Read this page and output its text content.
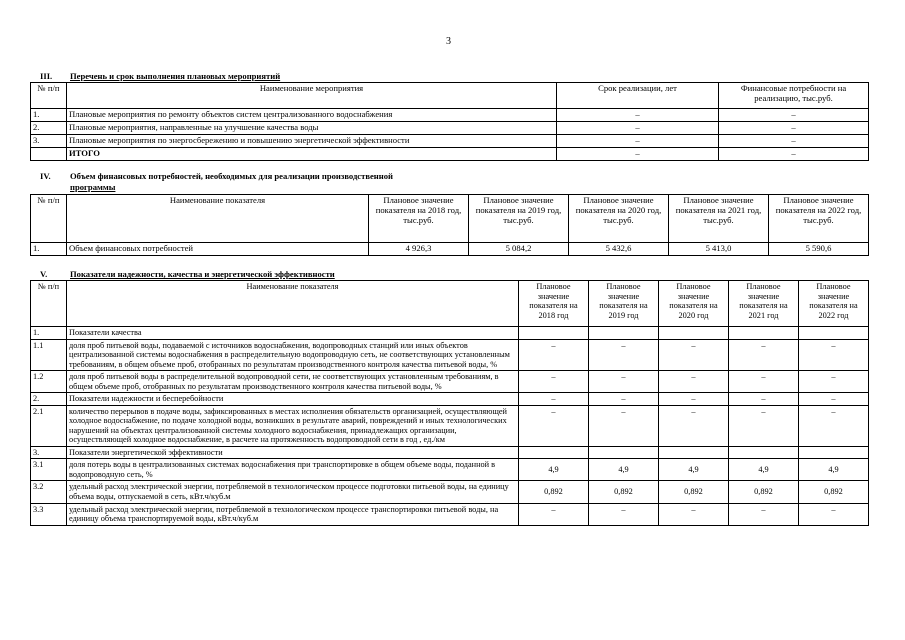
3
III. Перечень и срок выполнения плановых мероприятий
№ п/п	Наименование мероприятия	Срок реализации, лет	Финансовые потребности на реализацию, тыс.руб.
1.	Плановые мероприятия по ремонту объектов систем централизованного водоснабжения	–	–
2.	Плановые мероприятия, направленные на улучшение качества воды	–	–
3.	Плановые мероприятия по энергосбережению и повышению энергетической эффективности	–	–
	ИТОГО	–	–
IV. Объем финансовых потребностей, необходимых для реализации производственной
программы
№ п/п	Наименование показателя	Плановое значение показателя на 2018 год, тыс.руб.	Плановое значение показателя на 2019 год, тыс.руб.	Плановое значение показателя на 2020 год, тыс.руб.	Плановое значение показателя на 2021 год, тыс.руб.	Плановое значение показателя на 2022 год, тыс.руб.
1.	Объем финансовых потребностей	4 926,3	5 084,2	5 432,6	5 413,0	5 590,6
V.	Показатели надежности, качества и энергетической эффективности
№ п/п	Наименование показателя	Плановое значение показателя на 2018 год	Плановое значение показателя на 2019 год	Плановое значение показателя на 2020 год	Плановое значение показателя на 2021 год	Плановое значение показателя на 2022 год
1.	Показатели качества					
1.1	доля проб питьевой воды, подаваемой с источников водоснабжения, водопроводных станций или иных объектов централизованной системы водоснабжения в распределительную водопроводную сеть, не соответствующих установленным требованиям, в общем объеме проб, отобранных по результатам производственного контроля качества питьевой воды, %	–	–	–	–	–
1.2	доля проб питьевой воды в распределительной водопроводной сети, не соответствующих установленным требованиям, в общем объеме проб, отобранных по результатам производственного контроля качества питьевой воды, %	–	–	–	–	–
2.	Показатели надежности и бесперебойности	–	–	–	–	–
2.1	количество перерывов в подаче воды, зафиксированных в местах исполнения обязательств организацией, осуществляющей холодное водоснабжение, по подаче холодной воды, возникших в результате аварий, повреждений и иных технологических нарушений на объектах централизованной системы холодного водоснабжения, принадлежащих организации, осуществляющей холодное водоснабжение, в расчете на протяженность водопроводной сети в год , ед./км	–	–	–	–	–
3.	Показатели энергетической эффективности					
3.1	доля потерь воды в централизованных системах водоснабжения при транспортировке в общем объеме воды, поданной в водопроводную сеть, %	4,9	4,9	4,9	4,9	4,9
3.2	удельный расход электрической энергии, потребляемой в технологическом процессе подготовки питьевой воды, на единицу объема воды, отпускаемой в сеть, кВт.ч/куб.м	0,892	0,892	0,892	0,892	0,892
3.3	удельный расход электрической энергии, потребляемой в технологическом процессе транспортировки питьевой воды, на единицу объема транспортируемой воды, кВт.ч/куб.м	–	–	–	–	–
